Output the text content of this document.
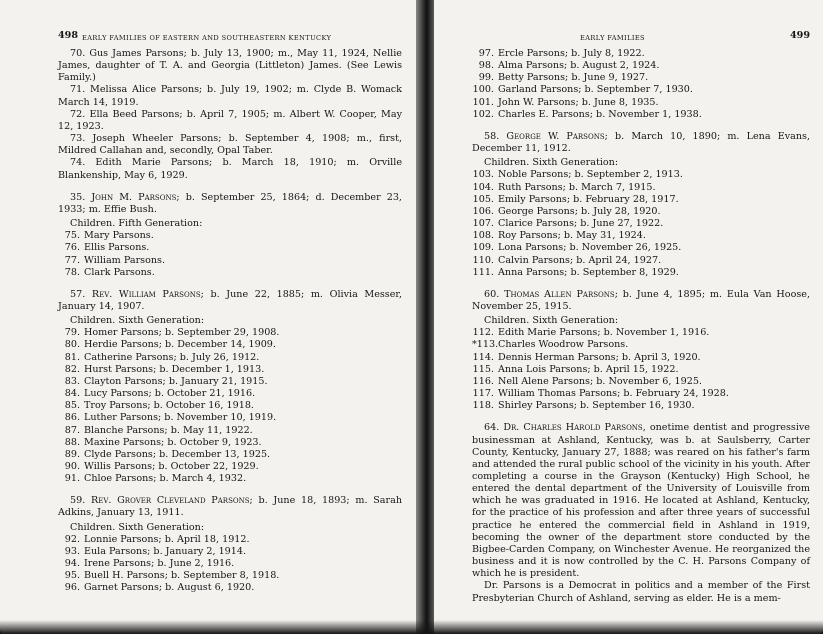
498 EARLY FAMILIES OF EASTERN AND SOUTHEASTERN KENTUCKY

70. Gus James Parsons; b. July 13, 1900; m., May 11, 1924, Nellie James, daughter of T. A. and Georgia (Littleton) James. (See Lewis Family.)

71. Melissa Alice Parsons; b. July 19, 1902; m. Clyde B. Womack March 14, 1919.

72. Ella Beed Parsons; b. April 7, 1905; m. Albert W. Cooper, May 12, 1923.

73. Joseph Wheeler Parsons; b. September 4, 1908; m., first, Mildred Callahan and, secondly, Opal Taber.

74. Edith Marie Parsons; b. March 18, 1910; m. Orville Blankenship, May 6, 1929.

35. John M. Parsons; b. September 25, 1864; d. December 23, 1933; m. Effie Bush.

Children. Fifth Generation:
75. Mary Parsons.
76. Ellis Parsons.
77. William Parsons.
78. Clark Parsons.

57. Rev. William Parsons; b. June 22, 1885; m. Olivia Messer, January 14, 1907.

Children. Sixth Generation:
79. Homer Parsons; b. September 29, 1908.
80. Herdie Parsons; b. December 14, 1909.
81. Catherine Parsons; b. July 26, 1912.
82. Hurst Parsons; b. December 1, 1913.
83. Clayton Parsons; b. January 21, 1915.
84. Lucy Parsons; b. October 21, 1916.
85. Troy Parsons; b. October 16, 1918.
86. Luther Parsons; b. November 10, 1919.
87. Blanche Parsons; b. May 11, 1922.
88. Maxine Parsons; b. October 9, 1923.
89. Clyde Parsons; b. December 13, 1925.
90. Willis Parsons; b. October 22, 1929.
91. Chloe Parsons; b. March 4, 1932.

59. Rev. Grover Cleveland Parsons; b. June 18, 1893; m. Sarah Adkins, January 13, 1911.

Children. Sixth Generation:
92. Lonnie Parsons; b. April 18, 1912.
93. Eula Parsons; b. January 2, 1914.
94. Irene Parsons; b. June 2, 1916.
95. Buell H. Parsons; b. September 8, 1918.
96. Garnet Parsons; b. August 6, 1920.
EARLY FAMILIES	499
97. Ercle Parsons; b. July 8, 1922.
98. Alma Parsons; b. August 2, 1924.
99. Betty Parsons; b. June 9, 1927.
100. Garland Parsons; b. September 7, 1930.
101. John W. Parsons; b. June 8, 1935.
102. Charles E. Parsons; b. November 1, 1938.

58. George W. Parsons; b. March 10, 1890; m. Lena Evans, December 11, 1912.

Children. Sixth Generation:
103. Noble Parsons; b. September 2, 1913.
104. Ruth Parsons; b. March 7, 1915.
105. Emily Parsons; b. February 28, 1917.
106. George Parsons; b. July 28, 1920.
107. Clarice Parsons; b. June 27, 1922.
108. Roy Parsons; b. May 31, 1924.
109. Lona Parsons; b. November 26, 1925.
110. Calvin Parsons; b. April 24, 1927.
111. Anna Parsons; b. September 8, 1929.

60. Thomas Allen Parsons; b. June 4, 1895; m. Eula Van Hoose, November 25, 1915.

Children. Sixth Generation:
112. Edith Marie Parsons; b. November 1, 1916.
*113.Charles Woodrow Parsons.
114. Dennis Herman Parsons; b. April 3, 1920.
115. Anna Lois Parsons; b. April 15, 1922.
116. Nell Alene Parsons; b. November 6, 1925.
117. William Thomas Parsons; b. February 24, 1928.
118. Shirley Parsons; b. September 16, 1930.

64. Dr. Charles Harold Parsons, onetime dentist and progressive businessman at Ashland, Kentucky, was b. at Saulsberry, Carter County, Kentucky, January 27, 1888; was reared on his father's farm and attended the rural public school of the vicinity in his youth. After completing a course in the Grayson (Kentucky) High School, he entered the dental department of the University of Louisville from which he was graduated in 1916. He located at Ashland, Kentucky, for the practice of his profession and after three years of successful practice he entered the commercial field in Ashland in 1919, becoming the owner of the department store conducted by the Bigbee-Carden Company, on Winchester Avenue. He reorganized the business and it is now controlled by the C. H. Parsons Company of which he is president.

Dr. Parsons is a Democrat in politics and a member of the First Presbyterian Church of Ashland, serving as elder. He is a mem-
